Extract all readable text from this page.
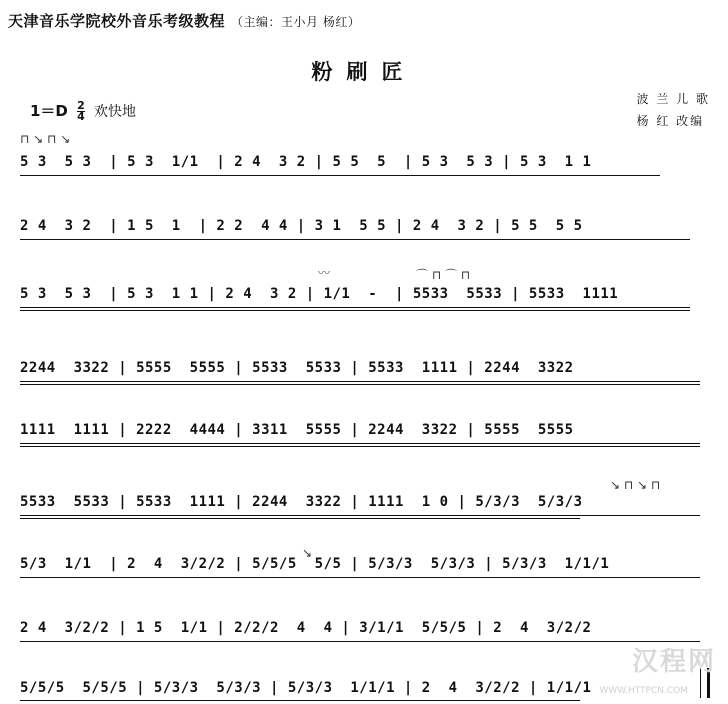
天津音乐学院校外音乐考级教程 （主编：王小月 杨红）
粉刷匠
$1=D \frac{2}{4}$ 欢快地
波 兰 儿 歌
杨 红 改编
⊓ ↘ ⊓ ↘
⌒ ⊓ ⌒ ⊓
〰
↘ ⊓ ↘ ⊓
↘
5 3  5 3  | 5 3  1/1  | 2 4  3 2 | 5 5  5  | 5 3  5 3 | 5 3  1 1
2 4  3 2  | 1 5  1  | 2 2  4 4 | 3 1  5 5 | 2 4  3 2 | 5 5  5 5
5 3  5 3  | 5 3  1 1 | 2 4  3 2 | 1/1  -  | 5533  5533 | 5533  1111
2244  3322 | 5555  5555 | 5533  5533 | 5533  1111 | 2244  3322
1111  1111 | 2222  4444 | 3311  5555 | 2244  3322 | 5555  5555
5533  5533 | 5533  1111 | 2244  3322 | 1111  1 0 | 5/3/3  5/3/3
5/3  1/1  | 2  4  3/2/2 | 5/5/5  5/5 | 5/3/3  5/3/3 | 5/3/3  1/1/1
2 4  3/2/2 | 1 5  1/1 | 2/2/2  4  4 | 3/1/1  5/5/5 | 2  4  3/2/2
5/5/5  5/5/5 | 5/3/3  5/3/3 | 5/3/3  1/1/1 | 2  4  3/2/2 | 1/1/1
汉程网
WWW.HTTPCN.COM
